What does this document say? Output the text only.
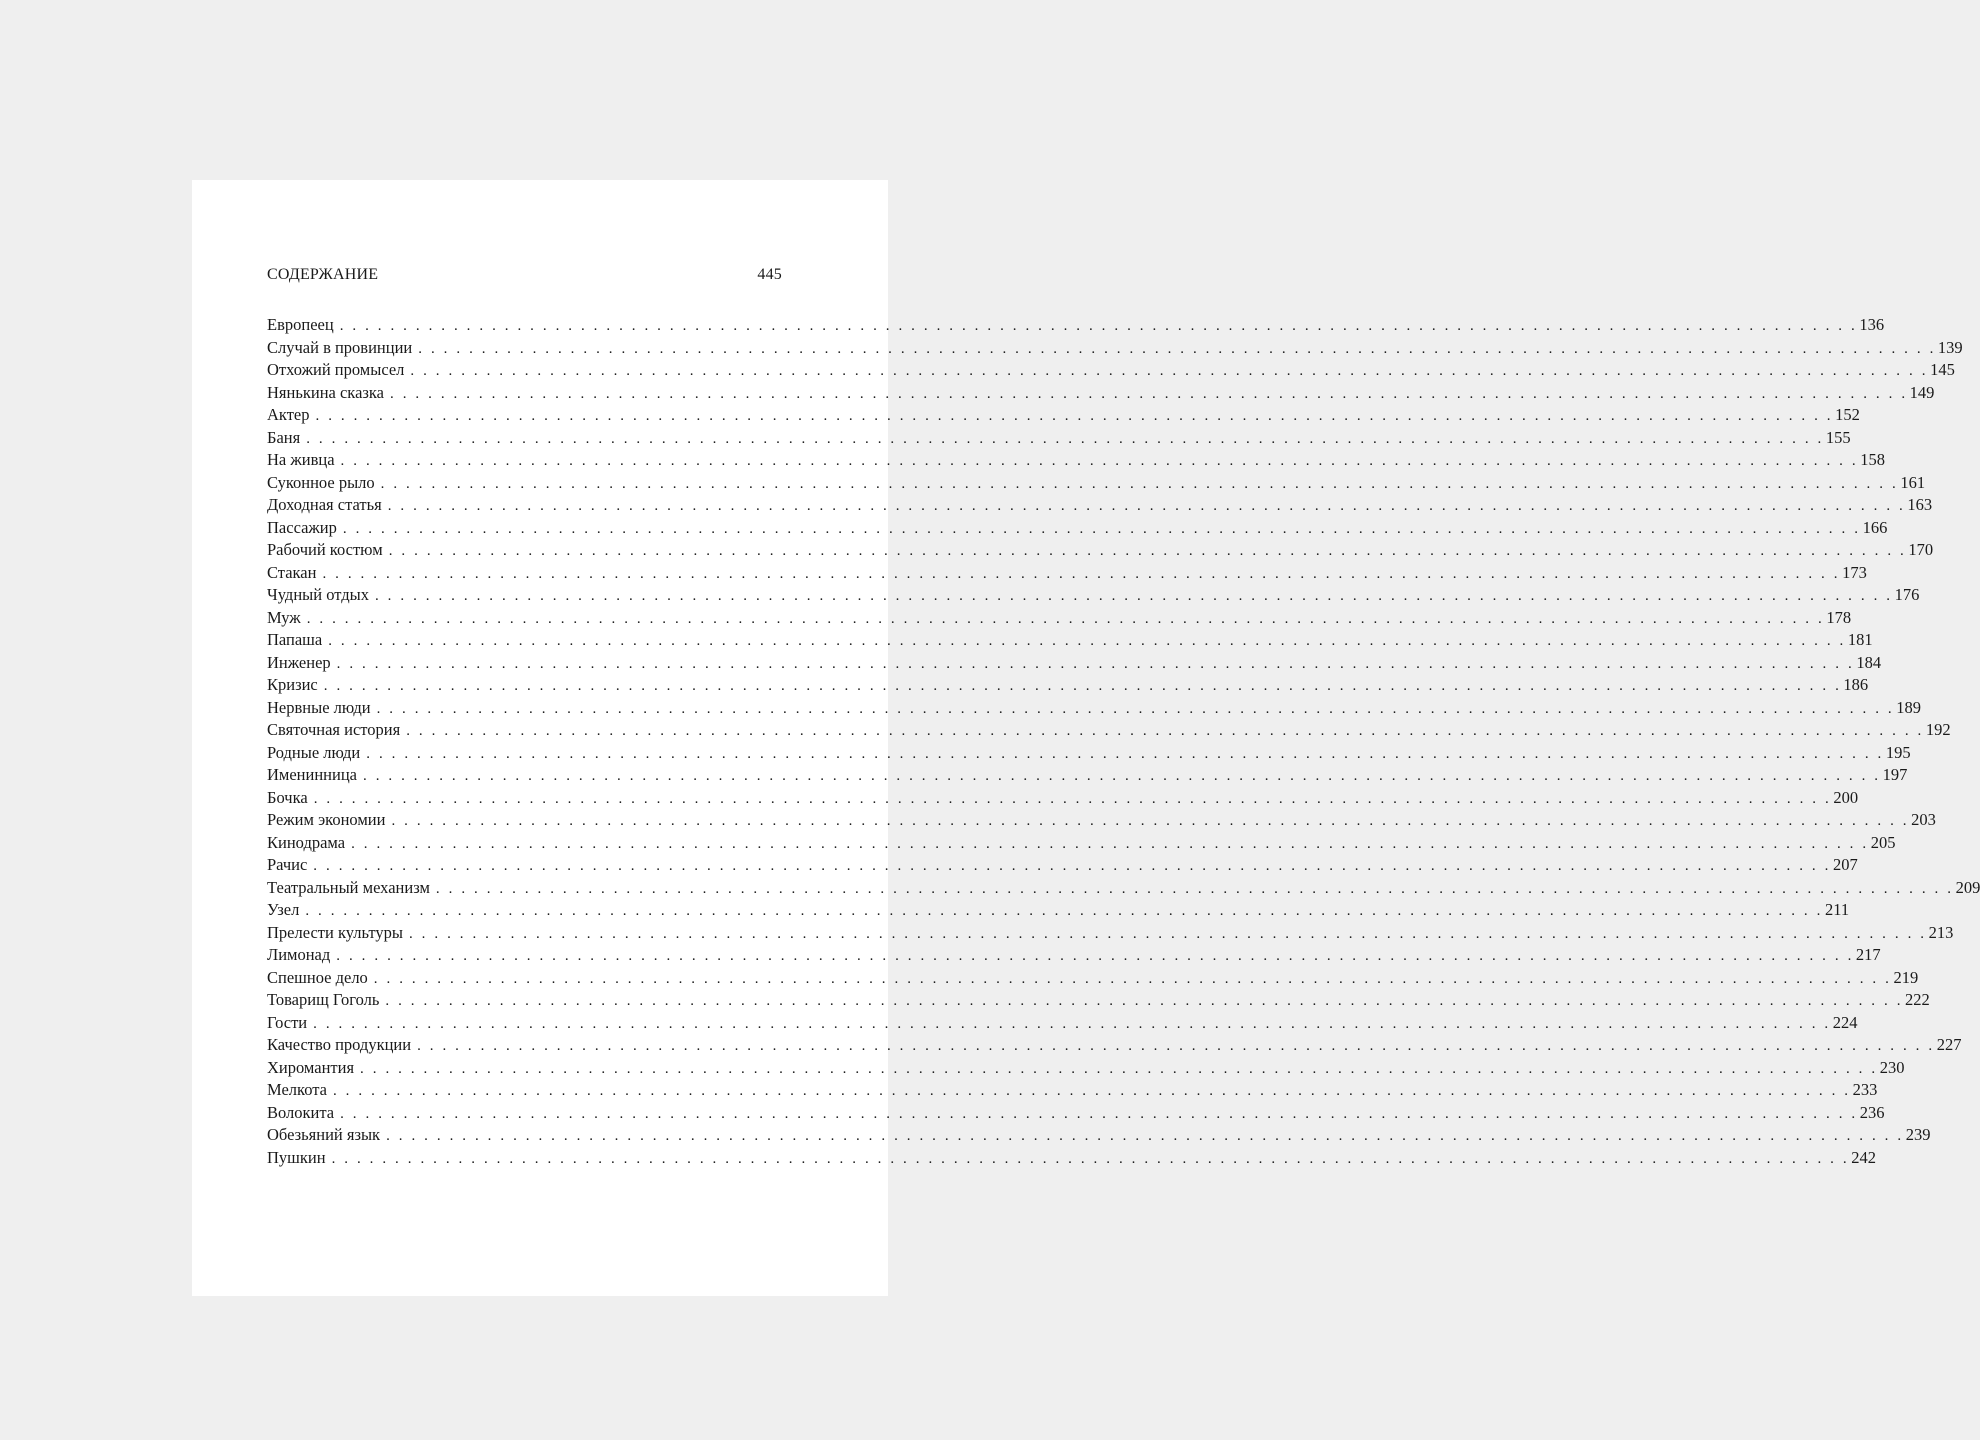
СОДЕРЖАНИЕ	445
Европеец . . . . . . . . . . . . . . . . . . . . . . . . . . . . . . . . . . . . . . . . . . . . . . . . . . . . . . . . . . . . . . . . . . . . . . . . . . . . . . . . . . . . . . . . . . . . . . . . . . . . . . . . . . . . . . . . . . . . . . . . 136
Случай в провинции . . . . . . . . . . . . . . . . . . . . . . . . . . . . . . . . . . . . . . . . . . . . . . . . . . . . . . . . . . . . . . . . . . . . . . . . . . . . . . . . . . . . . . . . . . . . . . . . . . . . . . . . . . . . . . . . . . . . . . . . 139
Отхожий промысел . . . . . . . . . . . . . . . . . . . . . . . . . . . . . . . . . . . . . . . . . . . . . . . . . . . . . . . . . . . . . . . . . . . . . . . . . . . . . . . . . . . . . . . . . . . . . . . . . . . . . . . . . . . . . . . . . . . . . . . . 145
Нянькина сказка . . . . . . . . . . . . . . . . . . . . . . . . . . . . . . . . . . . . . . . . . . . . . . . . . . . . . . . . . . . . . . . . . . . . . . . . . . . . . . . . . . . . . . . . . . . . . . . . . . . . . . . . . . . . . . . . . . . . . . . . 149
Актер . . . . . . . . . . . . . . . . . . . . . . . . . . . . . . . . . . . . . . . . . . . . . . . . . . . . . . . . . . . . . . . . . . . . . . . . . . . . . . . . . . . . . . . . . . . . . . . . . . . . . . . . . . . . . . . . . . . . . . . . 152
Баня . . . . . . . . . . . . . . . . . . . . . . . . . . . . . . . . . . . . . . . . . . . . . . . . . . . . . . . . . . . . . . . . . . . . . . . . . . . . . . . . . . . . . . . . . . . . . . . . . . . . . . . . . . . . . . . . . . . . . . . . 155
На живца . . . . . . . . . . . . . . . . . . . . . . . . . . . . . . . . . . . . . . . . . . . . . . . . . . . . . . . . . . . . . . . . . . . . . . . . . . . . . . . . . . . . . . . . . . . . . . . . . . . . . . . . . . . . . . . . . . . . . . . . 158
Суконное рыло . . . . . . . . . . . . . . . . . . . . . . . . . . . . . . . . . . . . . . . . . . . . . . . . . . . . . . . . . . . . . . . . . . . . . . . . . . . . . . . . . . . . . . . . . . . . . . . . . . . . . . . . . . . . . . . . . . . . . . . . 161
Доходная статья . . . . . . . . . . . . . . . . . . . . . . . . . . . . . . . . . . . . . . . . . . . . . . . . . . . . . . . . . . . . . . . . . . . . . . . . . . . . . . . . . . . . . . . . . . . . . . . . . . . . . . . . . . . . . . . . . . . . . . . . 163
Пассажир . . . . . . . . . . . . . . . . . . . . . . . . . . . . . . . . . . . . . . . . . . . . . . . . . . . . . . . . . . . . . . . . . . . . . . . . . . . . . . . . . . . . . . . . . . . . . . . . . . . . . . . . . . . . . . . . . . . . . . . . 166
Рабочий костюм . . . . . . . . . . . . . . . . . . . . . . . . . . . . . . . . . . . . . . . . . . . . . . . . . . . . . . . . . . . . . . . . . . . . . . . . . . . . . . . . . . . . . . . . . . . . . . . . . . . . . . . . . . . . . . . . . . . . . . . . 170
Стакан . . . . . . . . . . . . . . . . . . . . . . . . . . . . . . . . . . . . . . . . . . . . . . . . . . . . . . . . . . . . . . . . . . . . . . . . . . . . . . . . . . . . . . . . . . . . . . . . . . . . . . . . . . . . . . . . . . . . . . . . 173
Чудный отдых . . . . . . . . . . . . . . . . . . . . . . . . . . . . . . . . . . . . . . . . . . . . . . . . . . . . . . . . . . . . . . . . . . . . . . . . . . . . . . . . . . . . . . . . . . . . . . . . . . . . . . . . . . . . . . . . . . . . . . . . 176
Муж . . . . . . . . . . . . . . . . . . . . . . . . . . . . . . . . . . . . . . . . . . . . . . . . . . . . . . . . . . . . . . . . . . . . . . . . . . . . . . . . . . . . . . . . . . . . . . . . . . . . . . . . . . . . . . . . . . . . . . . . 178
Папаша . . . . . . . . . . . . . . . . . . . . . . . . . . . . . . . . . . . . . . . . . . . . . . . . . . . . . . . . . . . . . . . . . . . . . . . . . . . . . . . . . . . . . . . . . . . . . . . . . . . . . . . . . . . . . . . . . . . . . . . . 181
Инженер . . . . . . . . . . . . . . . . . . . . . . . . . . . . . . . . . . . . . . . . . . . . . . . . . . . . . . . . . . . . . . . . . . . . . . . . . . . . . . . . . . . . . . . . . . . . . . . . . . . . . . . . . . . . . . . . . . . . . . . . 184
Кризис . . . . . . . . . . . . . . . . . . . . . . . . . . . . . . . . . . . . . . . . . . . . . . . . . . . . . . . . . . . . . . . . . . . . . . . . . . . . . . . . . . . . . . . . . . . . . . . . . . . . . . . . . . . . . . . . . . . . . . . . 186
Нервные люди . . . . . . . . . . . . . . . . . . . . . . . . . . . . . . . . . . . . . . . . . . . . . . . . . . . . . . . . . . . . . . . . . . . . . . . . . . . . . . . . . . . . . . . . . . . . . . . . . . . . . . . . . . . . . . . . . . . . . . . . 189
Святочная история . . . . . . . . . . . . . . . . . . . . . . . . . . . . . . . . . . . . . . . . . . . . . . . . . . . . . . . . . . . . . . . . . . . . . . . . . . . . . . . . . . . . . . . . . . . . . . . . . . . . . . . . . . . . . . . . . . . . . . . . 192
Родные люди . . . . . . . . . . . . . . . . . . . . . . . . . . . . . . . . . . . . . . . . . . . . . . . . . . . . . . . . . . . . . . . . . . . . . . . . . . . . . . . . . . . . . . . . . . . . . . . . . . . . . . . . . . . . . . . . . . . . . . . . 195
Именинница . . . . . . . . . . . . . . . . . . . . . . . . . . . . . . . . . . . . . . . . . . . . . . . . . . . . . . . . . . . . . . . . . . . . . . . . . . . . . . . . . . . . . . . . . . . . . . . . . . . . . . . . . . . . . . . . . . . . . . . . 197
Бочка . . . . . . . . . . . . . . . . . . . . . . . . . . . . . . . . . . . . . . . . . . . . . . . . . . . . . . . . . . . . . . . . . . . . . . . . . . . . . . . . . . . . . . . . . . . . . . . . . . . . . . . . . . . . . . . . . . . . . . . . 200
Режим экономии . . . . . . . . . . . . . . . . . . . . . . . . . . . . . . . . . . . . . . . . . . . . . . . . . . . . . . . . . . . . . . . . . . . . . . . . . . . . . . . . . . . . . . . . . . . . . . . . . . . . . . . . . . . . . . . . . . . . . . . . 203
Кинодрама . . . . . . . . . . . . . . . . . . . . . . . . . . . . . . . . . . . . . . . . . . . . . . . . . . . . . . . . . . . . . . . . . . . . . . . . . . . . . . . . . . . . . . . . . . . . . . . . . . . . . . . . . . . . . . . . . . . . . . . . 205
Рачис . . . . . . . . . . . . . . . . . . . . . . . . . . . . . . . . . . . . . . . . . . . . . . . . . . . . . . . . . . . . . . . . . . . . . . . . . . . . . . . . . . . . . . . . . . . . . . . . . . . . . . . . . . . . . . . . . . . . . . . . 207
Театральный механизм . . . . . . . . . . . . . . . . . . . . . . . . . . . . . . . . . . . . . . . . . . . . . . . . . . . . . . . . . . . . . . . . . . . . . . . . . . . . . . . . . . . . . . . . . . . . . . . . . . . . . . . . . . . . . . . . . . . . . . . . 209
Узел . . . . . . . . . . . . . . . . . . . . . . . . . . . . . . . . . . . . . . . . . . . . . . . . . . . . . . . . . . . . . . . . . . . . . . . . . . . . . . . . . . . . . . . . . . . . . . . . . . . . . . . . . . . . . . . . . . . . . . . . 211
Прелести культуры . . . . . . . . . . . . . . . . . . . . . . . . . . . . . . . . . . . . . . . . . . . . . . . . . . . . . . . . . . . . . . . . . . . . . . . . . . . . . . . . . . . . . . . . . . . . . . . . . . . . . . . . . . . . . . . . . . . . . . . . 213
Лимонад . . . . . . . . . . . . . . . . . . . . . . . . . . . . . . . . . . . . . . . . . . . . . . . . . . . . . . . . . . . . . . . . . . . . . . . . . . . . . . . . . . . . . . . . . . . . . . . . . . . . . . . . . . . . . . . . . . . . . . . . 217
Спешное дело . . . . . . . . . . . . . . . . . . . . . . . . . . . . . . . . . . . . . . . . . . . . . . . . . . . . . . . . . . . . . . . . . . . . . . . . . . . . . . . . . . . . . . . . . . . . . . . . . . . . . . . . . . . . . . . . . . . . . . . . 219
Товарищ Гоголь . . . . . . . . . . . . . . . . . . . . . . . . . . . . . . . . . . . . . . . . . . . . . . . . . . . . . . . . . . . . . . . . . . . . . . . . . . . . . . . . . . . . . . . . . . . . . . . . . . . . . . . . . . . . . . . . . . . . . . . . 222
Гости . . . . . . . . . . . . . . . . . . . . . . . . . . . . . . . . . . . . . . . . . . . . . . . . . . . . . . . . . . . . . . . . . . . . . . . . . . . . . . . . . . . . . . . . . . . . . . . . . . . . . . . . . . . . . . . . . . . . . . . . 224
Качество продукции . . . . . . . . . . . . . . . . . . . . . . . . . . . . . . . . . . . . . . . . . . . . . . . . . . . . . . . . . . . . . . . . . . . . . . . . . . . . . . . . . . . . . . . . . . . . . . . . . . . . . . . . . . . . . . . . . . . . . . . . 227
Хиромантия . . . . . . . . . . . . . . . . . . . . . . . . . . . . . . . . . . . . . . . . . . . . . . . . . . . . . . . . . . . . . . . . . . . . . . . . . . . . . . . . . . . . . . . . . . . . . . . . . . . . . . . . . . . . . . . . . . . . . . . . 230
Мелкота . . . . . . . . . . . . . . . . . . . . . . . . . . . . . . . . . . . . . . . . . . . . . . . . . . . . . . . . . . . . . . . . . . . . . . . . . . . . . . . . . . . . . . . . . . . . . . . . . . . . . . . . . . . . . . . . . . . . . . . . 233
Волокита . . . . . . . . . . . . . . . . . . . . . . . . . . . . . . . . . . . . . . . . . . . . . . . . . . . . . . . . . . . . . . . . . . . . . . . . . . . . . . . . . . . . . . . . . . . . . . . . . . . . . . . . . . . . . . . . . . . . . . . . 236
Обезьяний язык . . . . . . . . . . . . . . . . . . . . . . . . . . . . . . . . . . . . . . . . . . . . . . . . . . . . . . . . . . . . . . . . . . . . . . . . . . . . . . . . . . . . . . . . . . . . . . . . . . . . . . . . . . . . . . . . . . . . . . . . 239
Пушкин . . . . . . . . . . . . . . . . . . . . . . . . . . . . . . . . . . . . . . . . . . . . . . . . . . . . . . . . . . . . . . . . . . . . . . . . . . . . . . . . . . . . . . . . . . . . . . . . . . . . . . . . . . . . . . . . . . . . . . . . 242
